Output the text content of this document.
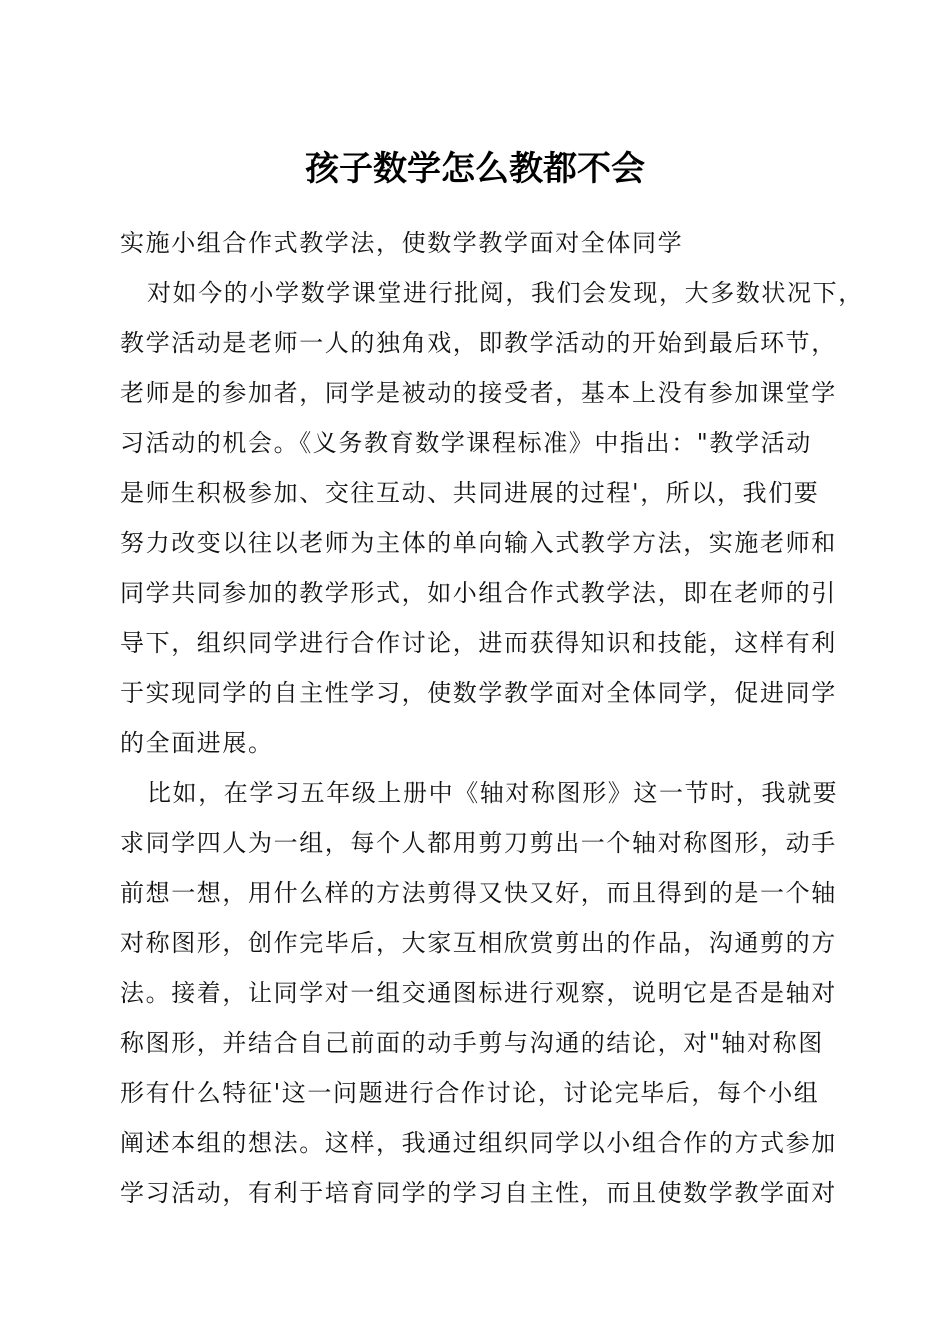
孩子数学怎么教都不会
实施小组合作式教学法，使数学教学面对全体同学
对如今的小学数学课堂进行批阅，我们会发现，大多数状况下，
教学活动是老师一人的独角戏，即教学活动的开始到最后环节，
老师是的参加者，同学是被动的接受者，基本上没有参加课堂学
习活动的机会。《义务教育数学课程标准》中指出："教学活动
是师生积极参加、交往互动、共同进展的过程'，所以，我们要
努力改变以往以老师为主体的单向输入式教学方法，实施老师和
同学共同参加的教学形式，如小组合作式教学法，即在老师的引
导下，组织同学进行合作讨论，进而获得知识和技能，这样有利
于实现同学的自主性学习，使数学教学面对全体同学，促进同学
的全面进展。
比如，在学习五年级上册中《轴对称图形》这一节时，我就要
求同学四人为一组，每个人都用剪刀剪出一个轴对称图形，动手
前想一想，用什么样的方法剪得又快又好，而且得到的是一个轴
对称图形，创作完毕后，大家互相欣赏剪出的作品，沟通剪的方
法。接着，让同学对一组交通图标进行观察，说明它是否是轴对
称图形，并结合自己前面的动手剪与沟通的结论，对"轴对称图
形有什么特征'这一问题进行合作讨论，讨论完毕后，每个小组
阐述本组的想法。这样，我通过组织同学以小组合作的方式参加
学习活动，有利于培育同学的学习自主性，而且使数学教学面对
